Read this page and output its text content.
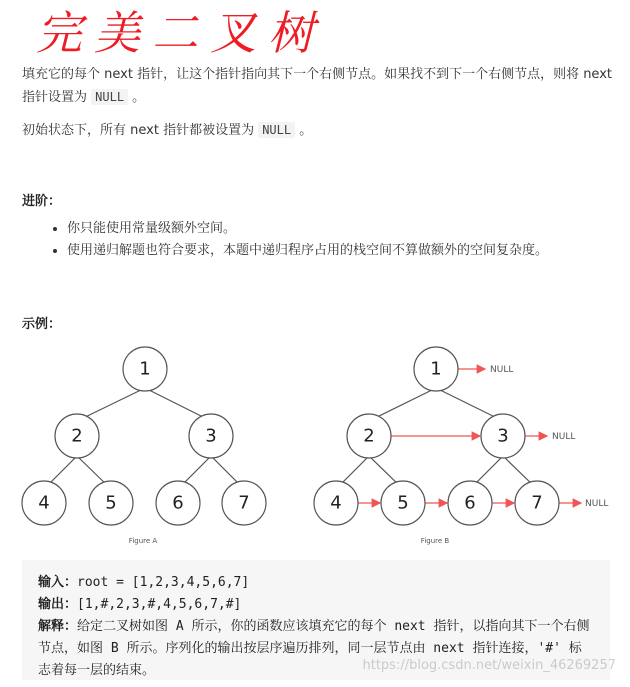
完美二叉树
填充它的每个 next 指针，让这个指针指向其下一个右侧节点。如果找不到下一个右侧节点，则将 next 指针设置为 NULL 。
初始状态下，所有 next 指针都被设置为 NULL 。
进阶：
• 你只能使用常量级额外空间。
• 使用递归解题也符合要求，本题中递归程序占用的栈空间不算做额外的空间复杂度。
示例：
1
2	3
4	5	6	7
Figure A
NULL
NULL
NULL
1
2	3
4	5	6	7
Figure B
输入：root = [1,2,3,4,5,6,7]
输出：[1,#,2,3,#,4,5,6,7,#]
解释：给定二叉树如图 A 所示，你的函数应该填充它的每个 next 指针，以指向其下一个右侧节点，如图 B 所示。序列化的输出按层序遍历排列，同一层节点由 next 指针连接，'#' 标志着每一层的结束。	https://blog.csdn.net/weixin_46269257
